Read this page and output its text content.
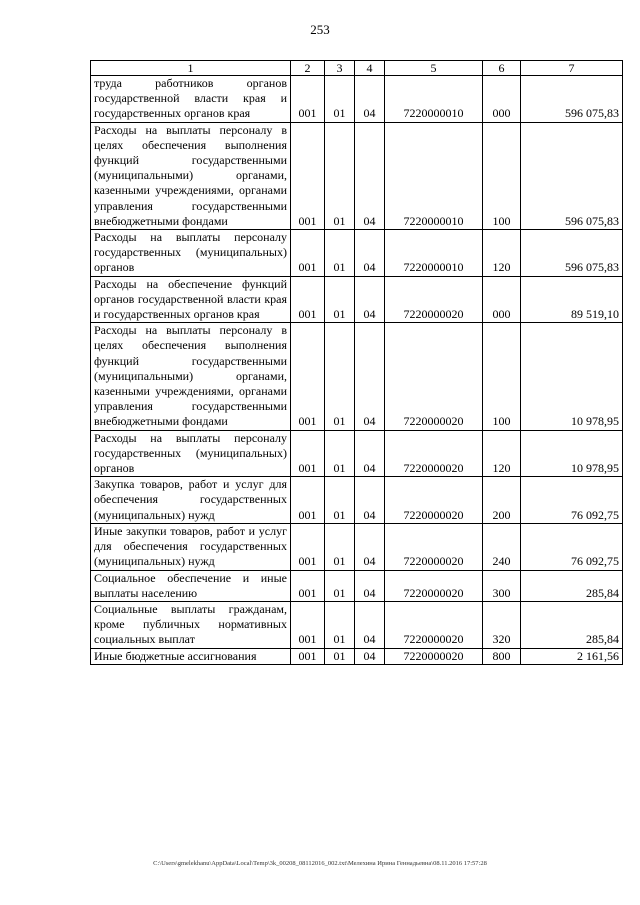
253
1	2	3	4	5	6	7
труда работников органов государственной власти края и государственных органов края	001	01	04	7220000010	000	596 075,83
Расходы на выплаты персоналу в целях обеспечения выполнения функций государственными (муниципальными) органами, казенными учреждениями, органами управления государственными внебюджетными фондами	001	01	04	7220000010	100	596 075,83
Расходы на выплаты персоналу государственных (муниципальных) органов	001	01	04	7220000010	120	596 075,83
Расходы на обеспечение функций органов государственной власти края и государственных органов края	001	01	04	7220000020	000	89 519,10
Расходы на выплаты персоналу в целях обеспечения выполнения функций государственными (муниципальными) органами, казенными учреждениями, органами управления государственными внебюджетными фондами	001	01	04	7220000020	100	10 978,95
Расходы на выплаты персоналу государственных (муниципальных) органов	001	01	04	7220000020	120	10 978,95
Закупка товаров, работ и услуг для обеспечения государственных (муниципальных) нужд	001	01	04	7220000020	200	76 092,75
Иные закупки товаров, работ и услуг для обеспечения государственных (муниципальных) нужд	001	01	04	7220000020	240	76 092,75
Социальное обеспечение и иные выплаты населению	001	01	04	7220000020	300	285,84
Социальные выплаты гражданам, кроме публичных нормативных социальных выплат	001	01	04	7220000020	320	285,84
Иные бюджетные ассигнования	001	01	04	7220000020	800	2 161,56
C:\Users\gmelekhanu\AppData\Local\Temp\3k_00208_08112016_002.txt\Мелехина Ирина Геннадьевна\08.11.2016 17:57:28
